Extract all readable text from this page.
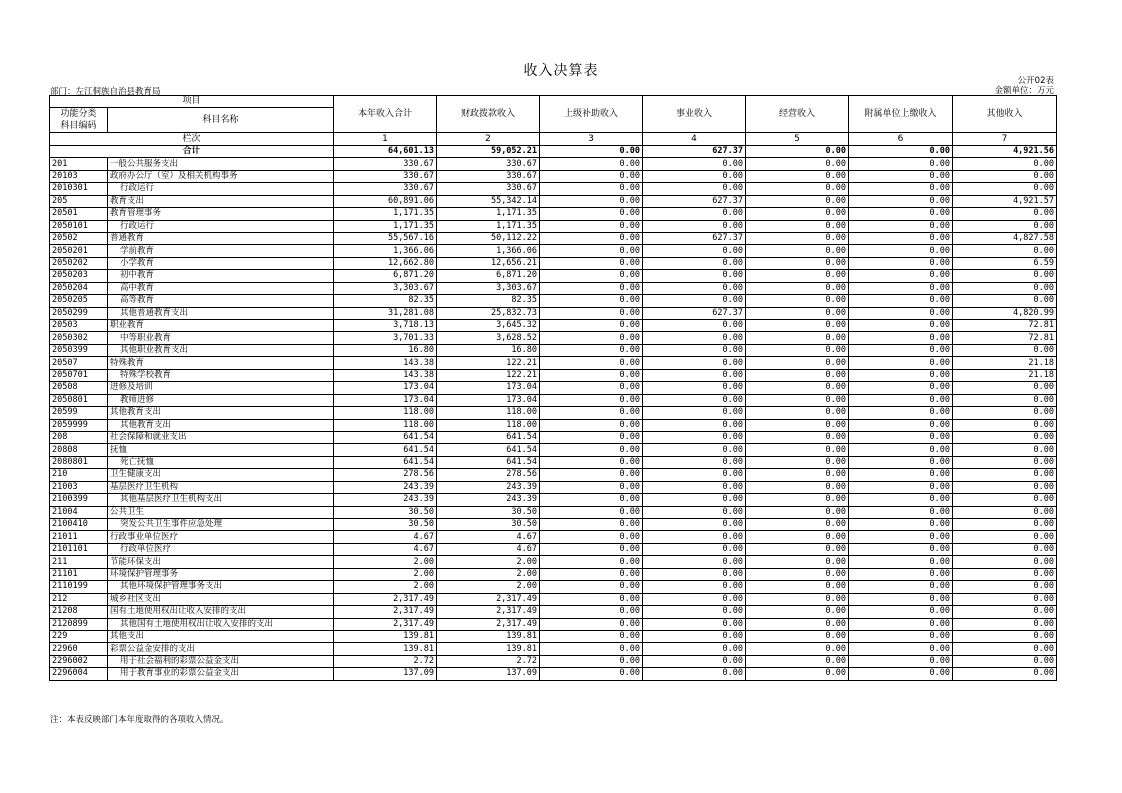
收入决算表
公开02表
金额单位：万元
部门：左江侗族自治县教育局
项目		本年收入合计	财政拨款收入	上级补助收入	事业收入	经营收入	附属单位上缴收入	其他收入

功能分类
科目编码	科目名称							
栏次		1	2	3	4	5	6	7
合计		64,601.13	59,052.21	0.00	627.37	0.00	0.00	4,921.56
201	一般公共服务支出	330.67	330.67	0.00	0.00	0.00	0.00	0.00
20103	政府办公厅（室）及相关机构事务	330.67	330.67	0.00	0.00	0.00	0.00	0.00
2010301	行政运行	330.67	330.67	0.00	0.00	0.00	0.00	0.00
205	教育支出	60,891.06	55,342.14	0.00	627.37	0.00	0.00	4,921.57
20501	教育管理事务	1,171.35	1,171.35	0.00	0.00	0.00	0.00	0.00
2050101	行政运行	1,171.35	1,171.35	0.00	0.00	0.00	0.00	0.00
20502	普通教育	55,567.16	50,112.22	0.00	627.37	0.00	0.00	4,827.58
2050201	学前教育	1,366.06	1,366.06	0.00	0.00	0.00	0.00	0.00
2050202	小学教育	12,662.80	12,656.21	0.00	0.00	0.00	0.00	6.59
2050203	初中教育	6,871.20	6,871.20	0.00	0.00	0.00	0.00	0.00
2050204	高中教育	3,303.67	3,303.67	0.00	0.00	0.00	0.00	0.00
2050205	高等教育	82.35	82.35	0.00	0.00	0.00	0.00	0.00
2050299	其他普通教育支出	31,281.08	25,832.73	0.00	627.37	0.00	0.00	4,820.99
20503	职业教育	3,718.13	3,645.32	0.00	0.00	0.00	0.00	72.81
2050302	中等职业教育	3,701.33	3,628.52	0.00	0.00	0.00	0.00	72.81
2050399	其他职业教育支出	16.80	16.80	0.00	0.00	0.00	0.00	0.00
20507	特殊教育	143.38	122.21	0.00	0.00	0.00	0.00	21.18
2050701	特殊学校教育	143.38	122.21	0.00	0.00	0.00	0.00	21.18
20508	进修及培训	173.04	173.04	0.00	0.00	0.00	0.00	0.00
2050801	教师进修	173.04	173.04	0.00	0.00	0.00	0.00	0.00
20599	其他教育支出	118.00	118.00	0.00	0.00	0.00	0.00	0.00
2059999	其他教育支出	118.00	118.00	0.00	0.00	0.00	0.00	0.00
208	社会保障和就业支出	641.54	641.54	0.00	0.00	0.00	0.00	0.00
20808	抚恤	641.54	641.54	0.00	0.00	0.00	0.00	0.00
2080801	死亡抚恤	641.54	641.54	0.00	0.00	0.00	0.00	0.00
210	卫生健康支出	278.56	278.56	0.00	0.00	0.00	0.00	0.00
21003	基层医疗卫生机构	243.39	243.39	0.00	0.00	0.00	0.00	0.00
2100399	其他基层医疗卫生机构支出	243.39	243.39	0.00	0.00	0.00	0.00	0.00
21004	公共卫生	30.50	30.50	0.00	0.00	0.00	0.00	0.00
2100410	突发公共卫生事件应急处理	30.50	30.50	0.00	0.00	0.00	0.00	0.00
21011	行政事业单位医疗	4.67	4.67	0.00	0.00	0.00	0.00	0.00
2101101	行政单位医疗	4.67	4.67	0.00	0.00	0.00	0.00	0.00
211	节能环保支出	2.00	2.00	0.00	0.00	0.00	0.00	0.00
21101	环境保护管理事务	2.00	2.00	0.00	0.00	0.00	0.00	0.00
2110199	其他环境保护管理事务支出	2.00	2.00	0.00	0.00	0.00	0.00	0.00
212	城乡社区支出	2,317.49	2,317.49	0.00	0.00	0.00	0.00	0.00
21208	国有土地使用权出让收入安排的支出	2,317.49	2,317.49	0.00	0.00	0.00	0.00	0.00
2120899	其他国有土地使用权出让收入安排的支出	2,317.49	2,317.49	0.00	0.00	0.00	0.00	0.00
229	其他支出	139.81	139.81	0.00	0.00	0.00	0.00	0.00
22960	彩票公益金安排的支出	139.81	139.81	0.00	0.00	0.00	0.00	0.00
2296002	用于社会福利的彩票公益金支出	2.72	2.72	0.00	0.00	0.00	0.00	0.00
2296004	用于教育事业的彩票公益金支出	137.09	137.09	0.00	0.00	0.00	0.00	0.00
注：本表反映部门本年度取得的各项收入情况。
